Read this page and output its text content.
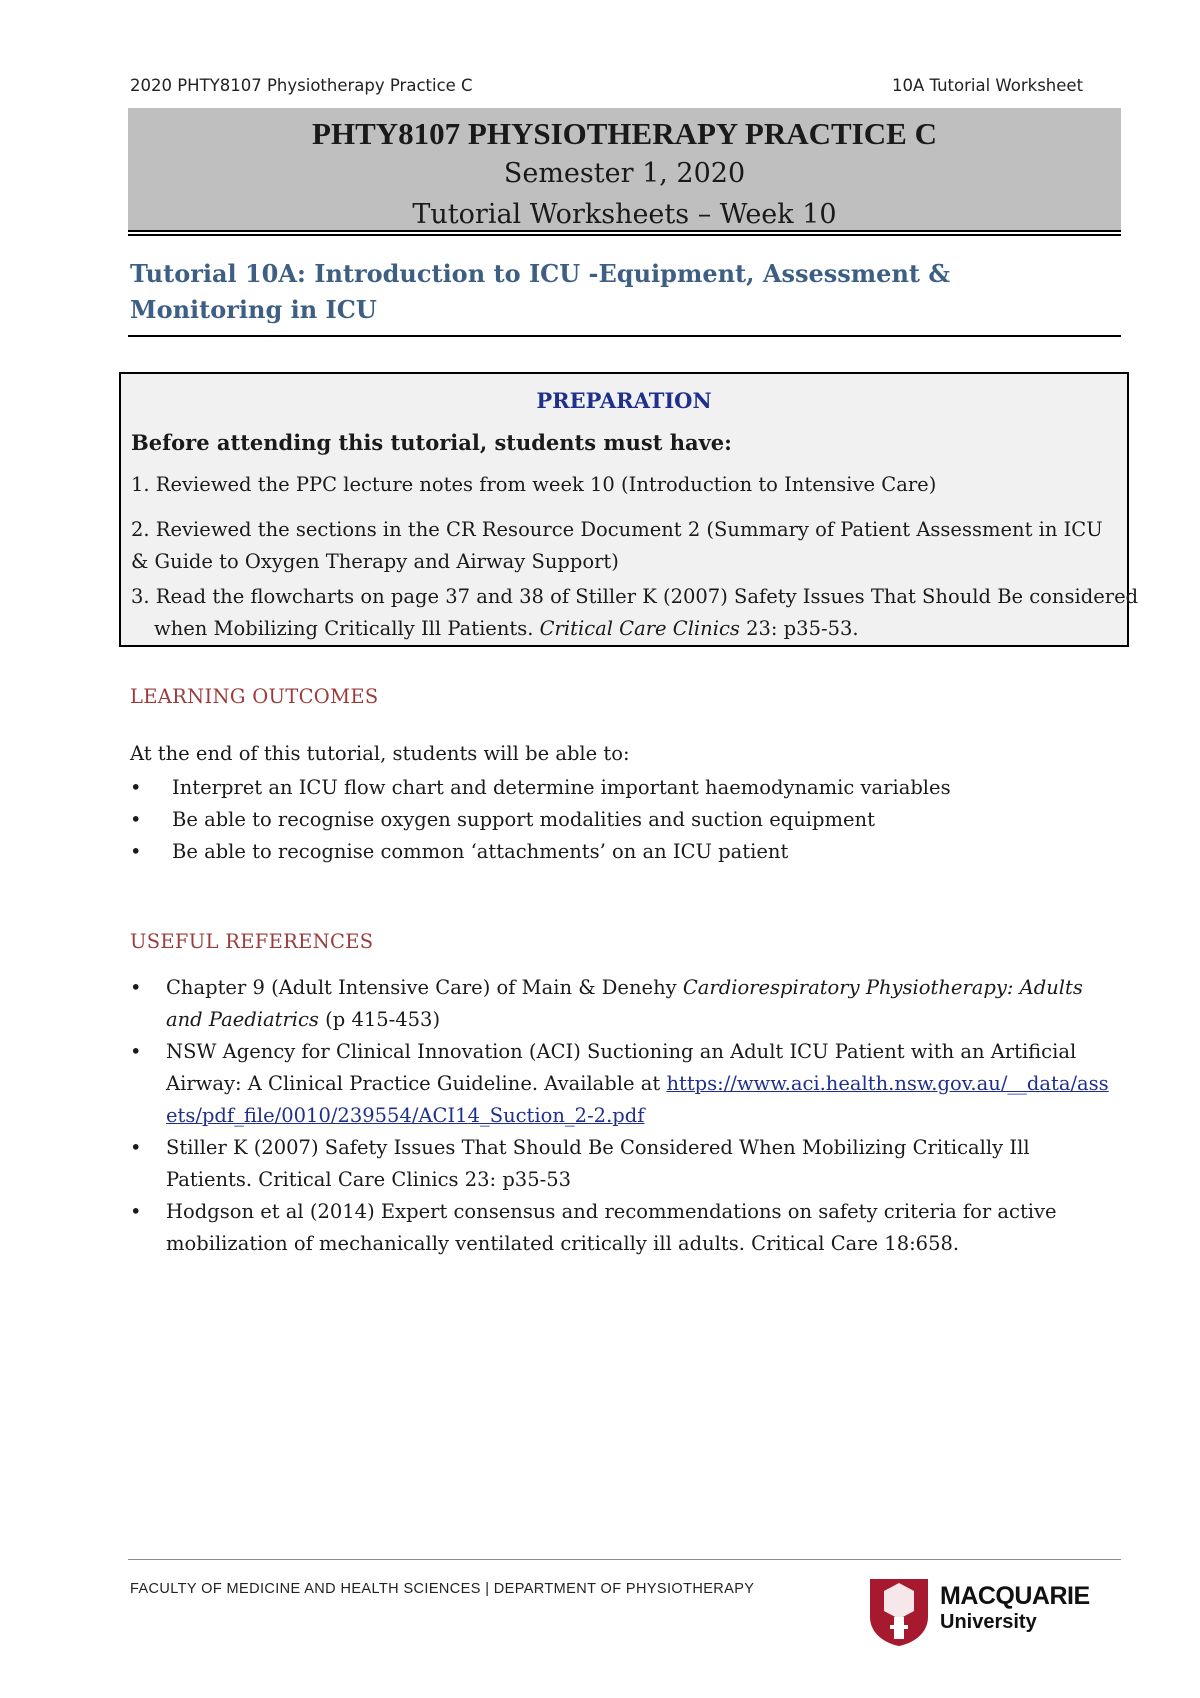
2020 PHTY8107 Physiotherapy Practice C	10A Tutorial Worksheet
PHTY8107 PHYSIOTHERAPY PRACTICE C
Semester 1, 2020
Tutorial Worksheets – Week 10
Tutorial 10A: Introduction to ICU -Equipment, Assessment & Monitoring in ICU
PREPARATION
Before attending this tutorial, students must have:
1. Reviewed the PPC lecture notes from week 10 (Introduction to Intensive Care)
2. Reviewed the sections in the CR Resource Document 2 (Summary of Patient Assessment in ICU & Guide to Oxygen Therapy and Airway Support)
3. Read the flowcharts on page 37 and 38 of Stiller K (2007) Safety Issues That Should Be considered when Mobilizing Critically Ill Patients. Critical Care Clinics 23: p35-53.
LEARNING OUTCOMES
At the end of this tutorial, students will be able to:
• Interpret an ICU flow chart and determine important haemodynamic variables
• Be able to recognise oxygen support modalities and suction equipment
• Be able to recognise common ‘attachments’ on an ICU patient
USEFUL REFERENCES
• Chapter 9 (Adult Intensive Care) of Main & Denehy Cardiorespiratory Physiotherapy: Adults and Paediatrics (p 415-453)
• NSW Agency for Clinical Innovation (ACI) Suctioning an Adult ICU Patient with an Artificial Airway: A Clinical Practice Guideline. Available at https://www.aci.health.nsw.gov.au/__data/assets/pdf_file/0010/239554/ACI14_Suction_2-2.pdf
• Stiller K (2007) Safety Issues That Should Be Considered When Mobilizing Critically Ill Patients. Critical Care Clinics 23: p35-53
• Hodgson et al (2014) Expert consensus and recommendations on safety criteria for active mobilization of mechanically ventilated critically ill adults. Critical Care 18:658.
FACULTY OF MEDICINE AND HEALTH SCIENCES | DEPARTMENT OF PHYSIOTHERAPY	MACQUARIE
University
